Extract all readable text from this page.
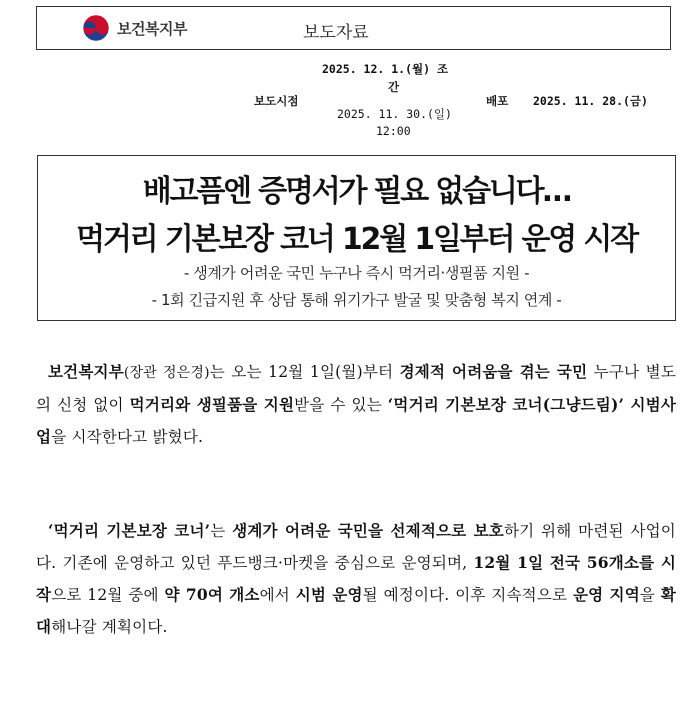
보건복지부	보도자료
2025. 12. 1.(월) 조
간
보도시점
2025. 11. 30.(일)
12:00
배포 2025. 11. 28.(금)
배고픔엔 증명서가 필요 없습니다…
먹거리 기본보장 코너 12월 1일부터 운영 시작
- 생계가 어려운 국민 누구나 즉시 먹거리·생필품 지원 -
- 1회 긴급지원 후 상담 통해 위기가구 발굴 및 맞춤형 복지 연계 -
보건복지부(장관 정은경)는 오는 12월 1일(월)부터 경제적 어려움을 겪는 국민 누구나 별도의 신청 없이 먹거리와 생필품을 지원받을 수 있는 ‘먹거리 기본보장 코너(그냥드림)’ 시범사업을 시작한다고 밝혔다.
‘먹거리 기본보장 코너’는 생계가 어려운 국민을 선제적으로 보호하기 위해 마련된 사업이다. 기존에 운영하고 있던 푸드뱅크·마켓을 중심으로 운영되며, 12월 1일 전국 56개소를 시작으로 12월 중에 약 70여 개소에서 시범 운영될 예정이다. 이후 지속적으로 운영 지역을 확대해나갈 계획이다.
